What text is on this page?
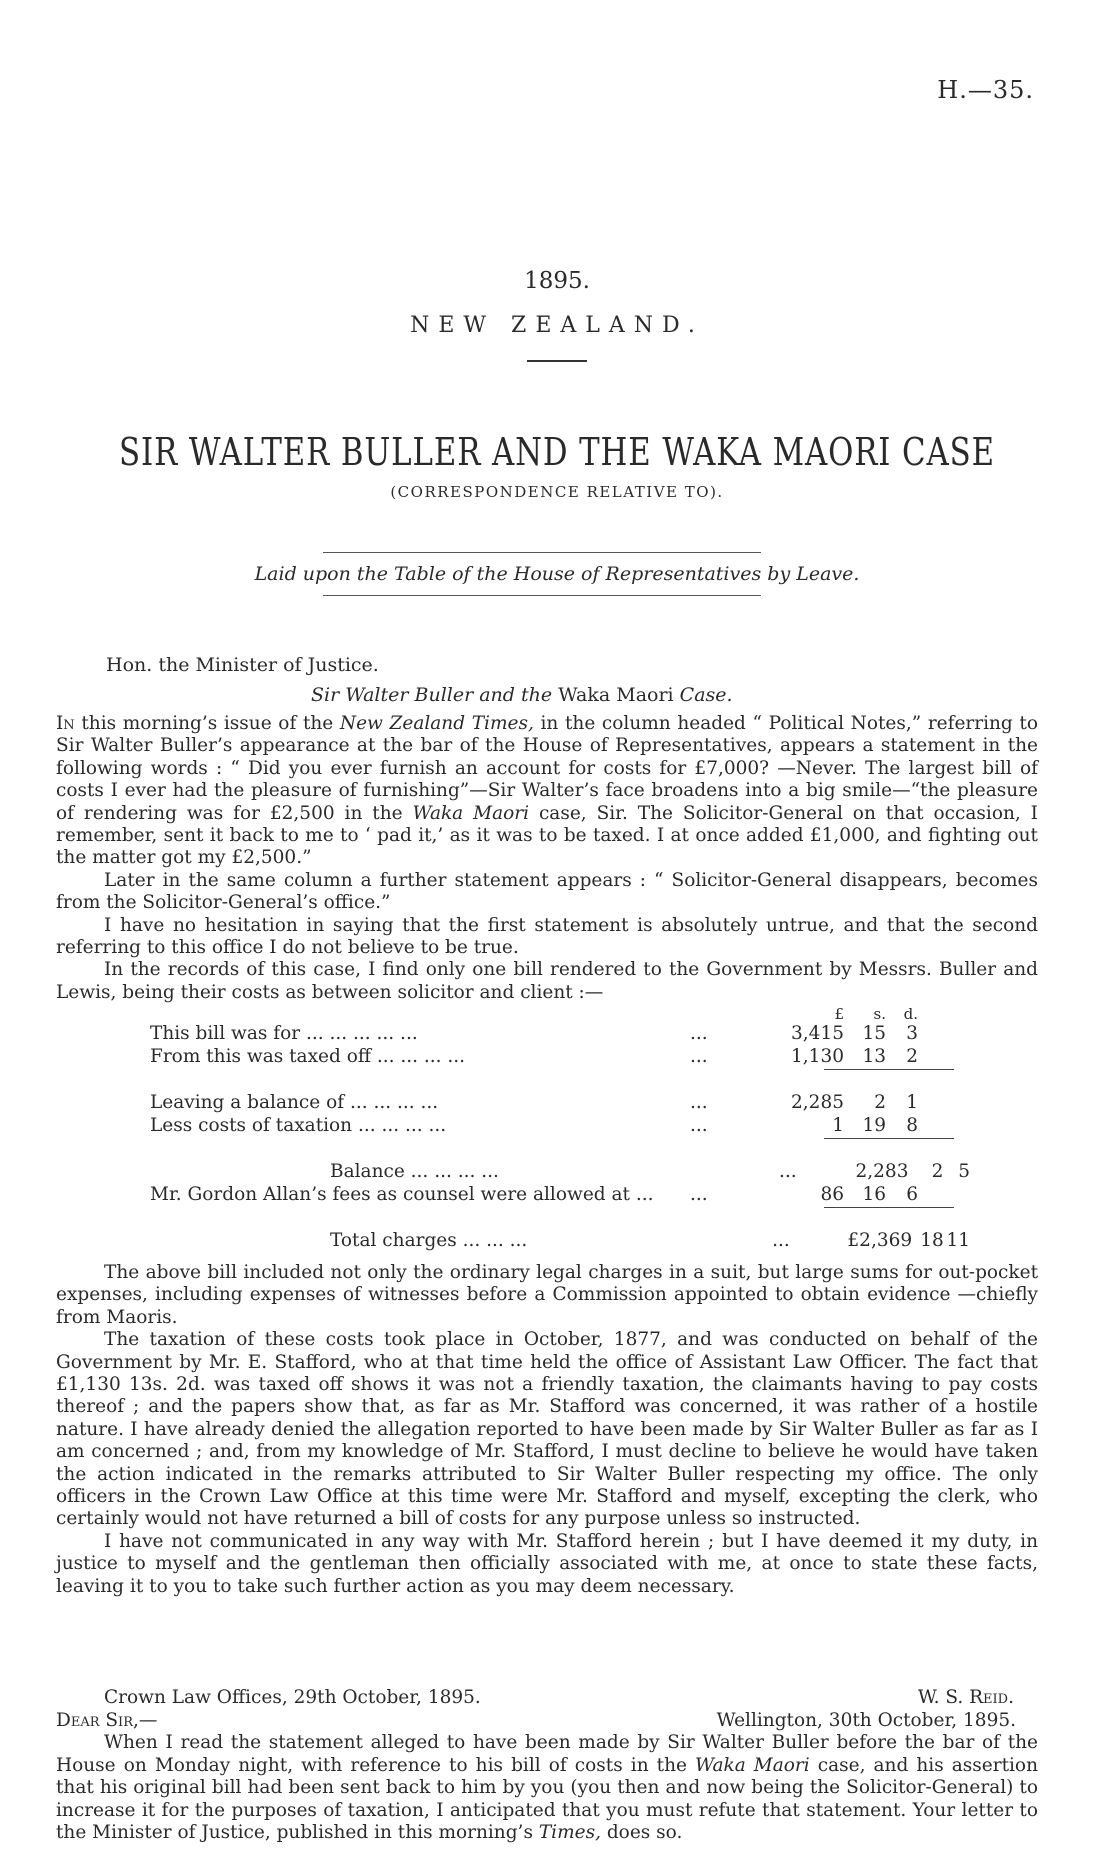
H.—35.
1895.
NEW ZEALAND.
SIR WALTER BULLER AND THE WAKA MAORI CASE
(CORRESPONDENCE RELATIVE TO).
Laid upon the Table of the House of Representatives by Leave.
Hon. the Minister of Justice.
Sir Walter Buller and the Waka Maori Case.

In this morning’s issue of the New Zealand Times, in the column headed “ Political Notes,” referring to Sir Walter Buller’s appearance at the bar of the House of Representatives, appears a statement in the following words : “ Did you ever furnish an account for costs for £7,000? —Never. The largest bill of costs I ever had the pleasure of furnishing”—Sir Walter’s face broadens into a big smile—“the pleasure of rendering was for £2,500 in the Waka Maori case, Sir. The Solicitor-General on that occasion, I remember, sent it back to me to ‘ pad it,’ as it was to be taxed. I at once added £1,000, and fighting out the matter got my £2,500.”

Later in the same column a further statement appears : “ Solicitor-General disappears, becomes from the Solicitor-General’s office.”

I have no hesitation in saying that the first statement is absolutely untrue, and that the second referring to this office I do not believe to be true.

In the records of this case, I find only one bill rendered to the Government by Messrs. Buller and Lewis, being their costs as between solicitor and client :—

£	s.	d.
This bill was for ... ... ... ... ...	...	3,415 15	3
From this was taxed off ... ... ... ...	...	1,130 13	2
Leaving a balance of ... ... ... ...	...	2,285	2	1
Less costs of taxation ... ... ... ...	...	1 19	8
Balance ... ... ... ...	...	2,283	2 5
Mr. Gordon Allan’s fees as counsel were allowed at ...	...	86 16	6
Total charges ... ... ...	...	£2,369 18 11

The above bill included not only the ordinary legal charges in a suit, but large sums for out-pocket expenses, including expenses of witnesses before a Commission appointed to obtain evidence —chiefly from Maoris.

The taxation of these costs took place in October, 1877, and was conducted on behalf of the Government by Mr. E. Stafford, who at that time held the office of Assistant Law Officer. The fact that £1,130 13s. 2d. was taxed off shows it was not a friendly taxation, the claimants having to pay costs thereof ; and the papers show that, as far as Mr. Stafford was concerned, it was rather of a hostile nature. I have already denied the allegation reported to have been made by Sir Walter Buller as far as I am concerned ; and, from my knowledge of Mr. Stafford, I must decline to believe he would have taken the action indicated in the remarks attributed to Sir Walter Buller respecting my office. The only officers in the Crown Law Office at this time were Mr. Stafford and myself, excepting the clerk, who certainly would not have returned a bill of costs for any purpose unless so instructed.

I have not communicated in any way with Mr. Stafford herein ; but I have deemed it my duty, in justice to myself and the gentleman then officially associated with me, at once to state these facts, leaving it to you to take such further action as you may deem necessary.

Crown Law Offices, 29th October, 1895.	W. S. Reid.
Dear Sir,—	Wellington, 30th October, 1895.

When I read the statement alleged to have been made by Sir Walter Buller before the bar of the House on Monday night, with reference to his bill of costs in the Waka Maori case, and his assertion that his original bill had been sent back to him by you (you then and now being the Solicitor-General) to increase it for the purposes of taxation, I anticipated that you must refute that statement. Your letter to the Minister of Justice, published in this morning’s Times, does so.
